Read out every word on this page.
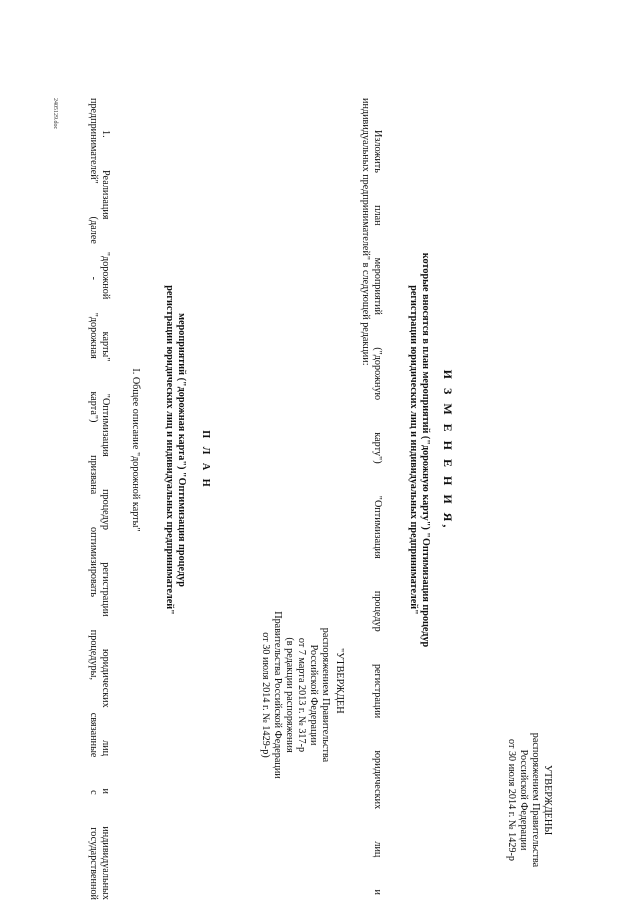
УТВЕРЖДЕНЫ
распоряжением Правительства
Российской Федерации
от 30 июля 2014 г. № 1429-р
И З М Е Н Е Н И Я,
которые вносятся в план мероприятий ("дорожную карту") "Оптимизация процедур
регистрации юридических лиц и индивидуальных предпринимателей"
Изложить план мероприятий ("дорожную карту") "Оптимизация процедур регистрации юридических лиц и
индивидуальных предпринимателей" в следующей редакции:
"УТВЕРЖДЕН
распоряжением Правительства
Российской Федерации
от 7 марта 2013 г. № 317-р
(в редакции распоряжения
Правительства Российской Федерации
от 30 июля 2014 г. № 1429-р)
П Л А Н
мероприятий ("дорожная карта") "Оптимизация процедур
регистрации юридических лиц и индивидуальных предпринимателей"
I. Общее описание "дорожной карты"
1. Реализация "дорожной карты" "Оптимизация процедур регистрации юридических лиц и индивидуальных
предпринимателей" (далее - "дорожная карта") призвана оптимизировать процедуры, связанные с государственной
2405129.doc
